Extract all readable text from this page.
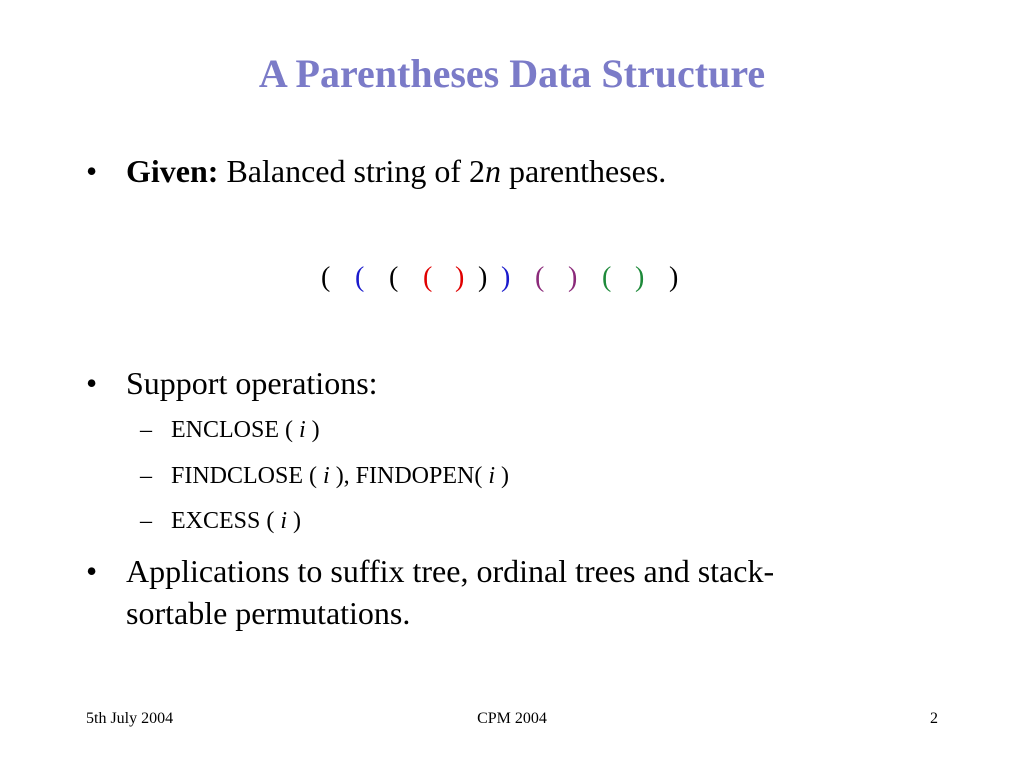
A Parentheses Data Structure
• Given: Balanced string of 2n parentheses.
( ( ( ( ) ) ) ( ) ( ) )
• Support operations:
– ENCLOSE ( i )
– FINDCLOSE ( i ), FINDOPEN( i )
– EXCESS ( i )
• Applications to suffix tree, ordinal trees and stack-
sortable permutations.
5th July 2004	CPM 2004	2
